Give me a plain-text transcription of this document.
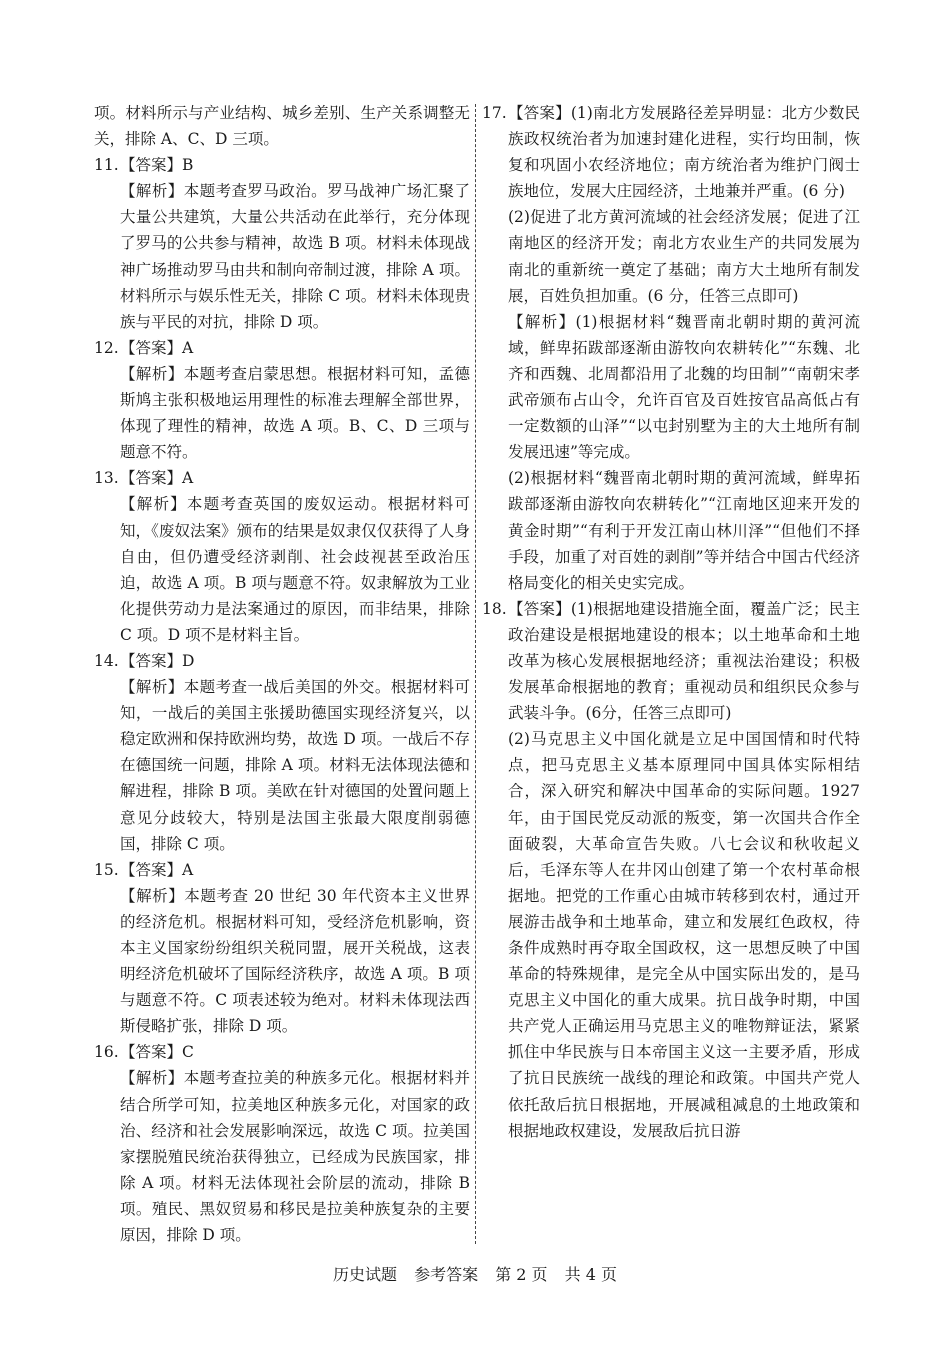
项。材料所示与产业结构、城乡差别、生产关系调整无关，排除 A、C、D 三项。

11. 【答案】B

【解析】本题考查罗马政治。罗马战神广场汇聚了大量公共建筑，大量公共活动在此举行，充分体现了罗马的公共参与精神，故选 B 项。材料未体现战神广场推动罗马由共和制向帝制过渡，排除 A 项。材料所示与娱乐性无关，排除 C 项。材料未体现贵族与平民的对抗，排除 D 项。

12. 【答案】A

【解析】本题考查启蒙思想。根据材料可知，孟德斯鸠主张积极地运用理性的标准去理解全部世界，体现了理性的精神，故选 A 项。B、C、D 三项与题意不符。

13. 【答案】A

【解析】本题考查英国的废奴运动。根据材料可知，《废奴法案》颁布的结果是奴隶仅仅获得了人身自由，但仍遭受经济剥削、社会歧视甚至政治压迫，故选 A 项。B 项与题意不符。奴隶解放为工业化提供劳动力是法案通过的原因，而非结果，排除 C 项。D 项不是材料主旨。

14. 【答案】D

【解析】本题考查一战后美国的外交。根据材料可知，一战后的美国主张援助德国实现经济复兴，以稳定欧洲和保持欧洲均势，故选 D 项。一战后不存在德国统一问题，排除 A 项。材料无法体现法德和解进程，排除 B 项。美欧在针对德国的处置问题上意见分歧较大，特别是法国主张最大限度削弱德国，排除 C 项。

15. 【答案】A

【解析】本题考查 20 世纪 30 年代资本主义世界的经济危机。根据材料可知，受经济危机影响，资本主义国家纷纷组织关税同盟，展开关税战，这表明经济危机破坏了国际经济秩序，故选 A 项。B 项与题意不符。C 项表述较为绝对。材料未体现法西斯侵略扩张，排除 D 项。

16. 【答案】C

【解析】本题考查拉美的种族多元化。根据材料并结合所学可知，拉美地区种族多元化，对国家的政治、经济和社会发展影响深远，故选 C 项。拉美国家摆脱殖民统治获得独立，已经成为民族国家，排除 A 项。材料无法体现社会阶层的流动，排除 B 项。殖民、黑奴贸易和移民是拉美种族复杂的主要原因，排除 D 项。

17. 【答案】(1)南北方发展路径差异明显：北方少数民族政权统治者为加速封建化进程，实行均田制，恢复和巩固小农经济地位；南方统治者为维护门阀士族地位，发展大庄园经济，土地兼并严重。(6 分)

(2)促进了北方黄河流域的社会经济发展；促进了江南地区的经济开发；南北方农业生产的共同发展为南北的重新统一奠定了基础；南方大土地所有制发展，百姓负担加重。(6 分，任答三点即可)

【解析】(1)根据材料“魏晋南北朝时期的黄河流域，鲜卑拓跋部逐渐由游牧向农耕转化”“东魏、北齐和西魏、北周都沿用了北魏的均田制”“南朝宋孝武帝颁布占山令，允许百官及百姓按官品高低占有一定数额的山泽”“以屯封别墅为主的大土地所有制发展迅速”等完成。

(2)根据材料“魏晋南北朝时期的黄河流域，鲜卑拓跋部逐渐由游牧向农耕转化”“江南地区迎来开发的黄金时期”“有利于开发江南山林川泽”“但他们不择手段，加重了对百姓的剥削”等并结合中国古代经济格局变化的相关史实完成。

18. 【答案】(1)根据地建设措施全面，覆盖广泛；民主政治建设是根据地建设的根本；以土地革命和土地改革为核心发展根据地经济；重视法治建设；积极发展革命根据地的教育；重视动员和组织民众参与武装斗争。(6分，任答三点即可)

(2)马克思主义中国化就是立足中国国情和时代特点，把马克思主义基本原理同中国具体实际相结合，深入研究和解决中国革命的实际问题。1927 年，由于国民党反动派的叛变，第一次国共合作全面破裂，大革命宣告失败。八七会议和秋收起义后，毛泽东等人在井冈山创建了第一个农村革命根据地。把党的工作重心由城市转移到农村，通过开展游击战争和土地革命，建立和发展红色政权，待条件成熟时再夺取全国政权，这一思想反映了中国革命的特殊规律，是完全从中国实际出发的，是马克思主义中国化的重大成果。抗日战争时期，中国共产党人正确运用马克思主义的唯物辩证法，紧紧抓住中华民族与日本帝国主义这一主要矛盾，形成了抗日民族统一战线的理论和政策。中国共产党人依托敌后抗日根据地，开展减租减息的土地政策和根据地政权建设，发展敌后抗日游

历史试题 参考答案 第 2 页 共 4 页
